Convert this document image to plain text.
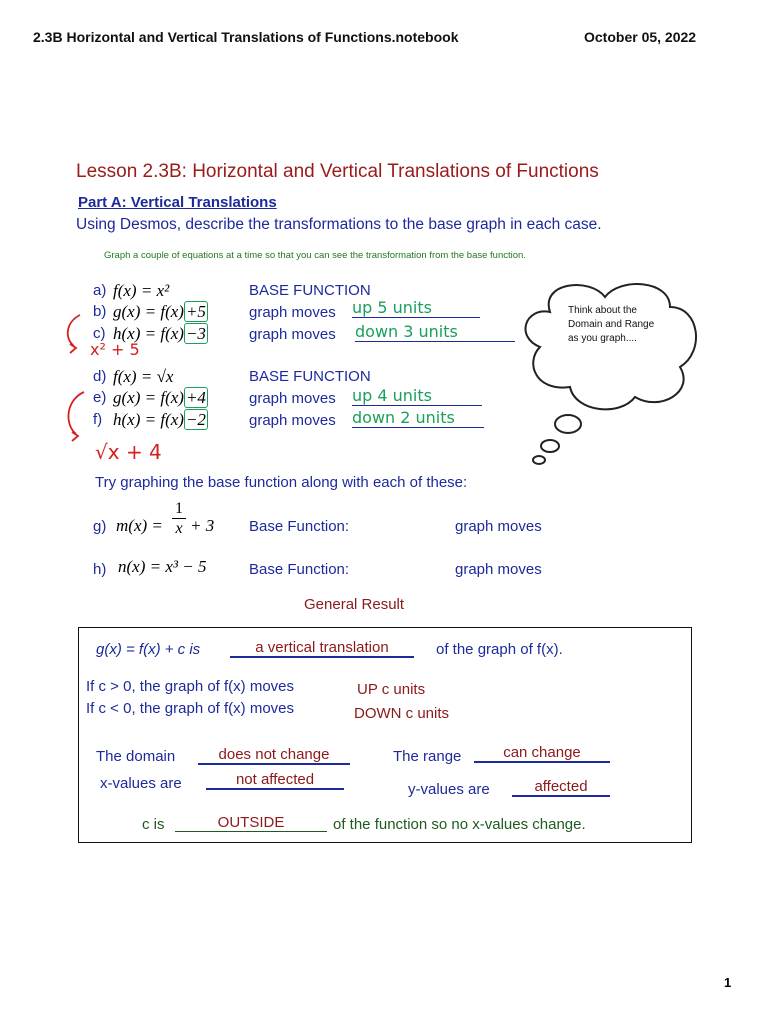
2.3B Horizontal and Vertical Translations of Functions.notebook	October 05, 2022
Lesson 2.3B: Horizontal and Vertical Translations of Functions
Part A: Vertical Translations
Using Desmos, describe the transformations to the base graph in each case.
Graph a couple of equations at a time so that you can see the transformation from the base function.
a) f(x) = x²	BASE FUNCTION
b) g(x) = f(x) +5	graph moves up 5 units
c) h(x) = f(x) −3	graph moves down 3 units
x² + 5
d) f(x) = √x	BASE FUNCTION
e) g(x) = f(x) +4	graph moves up 4 units
f) h(x) = f(x) −2	graph moves down 2 units
√x + 4
Think about the Domain and Range as you graph....
Try graphing the base function along with each of these:
g) $m(x) = \frac{1}{x} + 3$ Base Function:	graph moves
h) n(x) = x³ − 5	Base Function:	graph moves
General Result
g(x) = f(x) + c is	a vertical translation	of the graph of f(x).
If c > 0, the graph of f(x) moves	UP c units
If c < 0, the graph of f(x) moves	DOWN c units
The domain	does not change	The range	can change
x-values are	not affected
y-values are	affected
c is	OUTSIDE	of the function so no x-values change.
1
